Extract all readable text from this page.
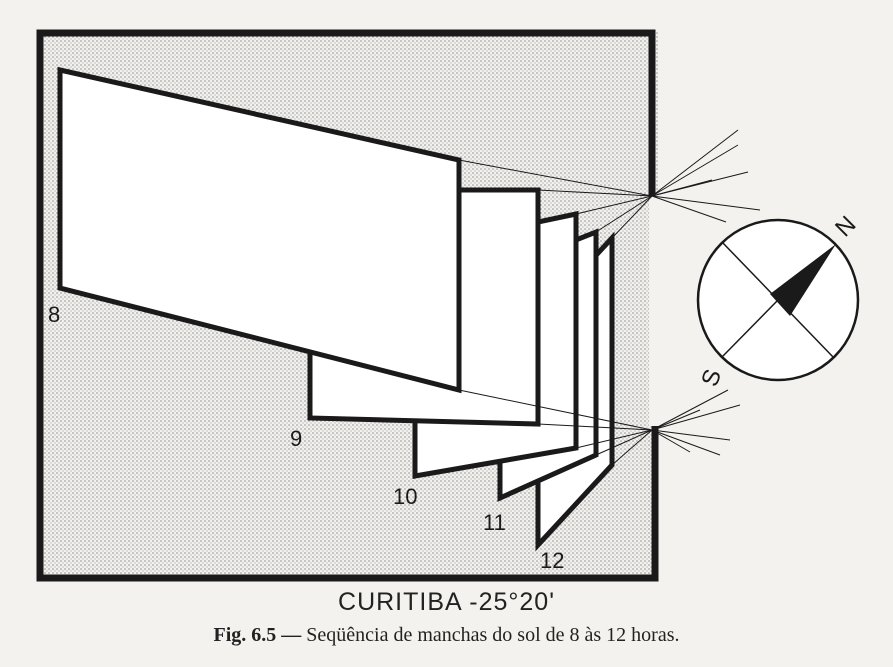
8
9
10
11
12
N
S
CURITIBA -25°20'
Fig. 6.5 — Seqüência de manchas do sol de 8 às 12 horas.
